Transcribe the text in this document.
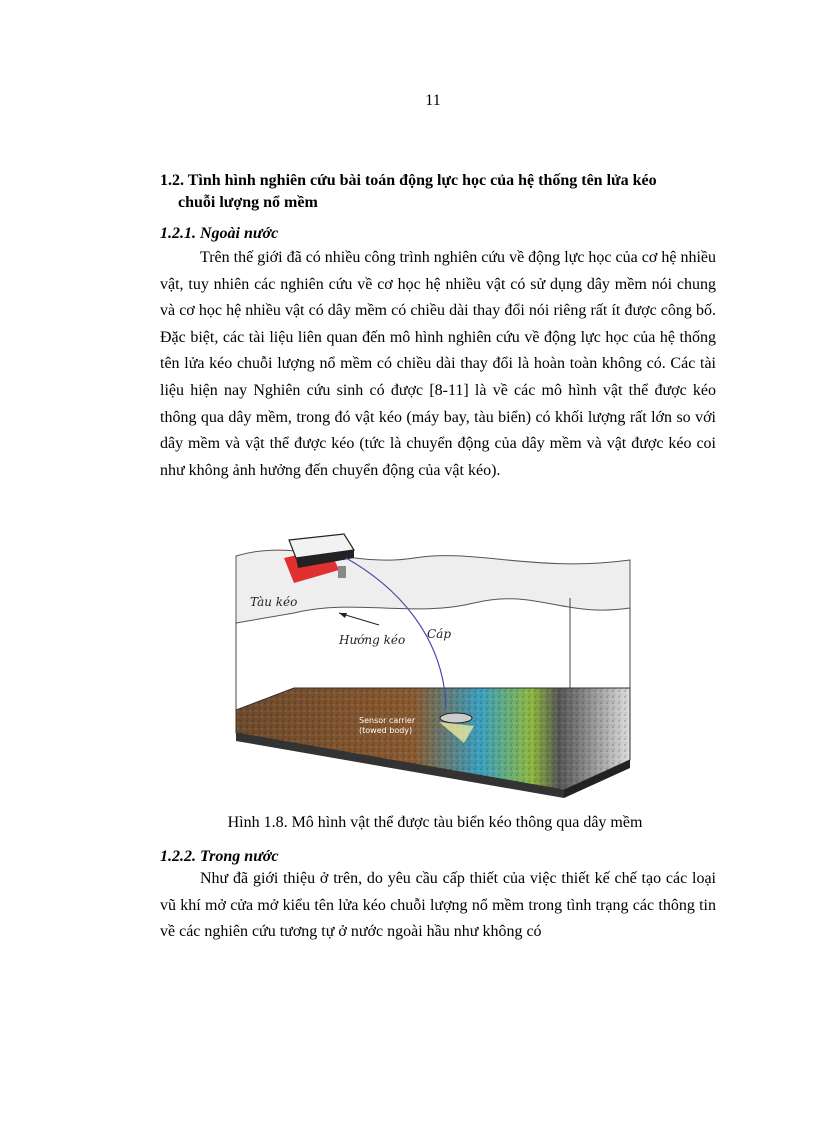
11
1.2. Tình hình nghiên cứu bài toán động lực học của hệ thống tên lửa kéo
chuỗi lượng nổ mềm
1.2.1. Ngoài nước
Trên thế giới đã có nhiều công trình nghiên cứu về động lực học của cơ hệ nhiều vật, tuy nhiên các nghiên cứu về cơ học hệ nhiều vật có sử dụng dây mềm nói chung và cơ học hệ nhiều vật có dây mềm có chiều dài thay đổi nói riêng rất ít được công bố. Đặc biệt, các tài liệu liên quan đến mô hình nghiên cứu về động lực học của hệ thống tên lửa kéo chuỗi lượng nổ mềm có chiều dài thay đổi là hoàn toàn không có. Các tài liệu hiện nay Nghiên cứu sinh có được [8-11] là về các mô hình vật thể được kéo thông qua dây mềm, trong đó vật kéo (máy bay, tàu biển) có khối lượng rất lớn so với dây mềm và vật thể được kéo (tức là chuyển động của dây mềm và vật được kéo coi như không ảnh hưởng đến chuyển động của vật kéo).
Tàu kéo
Hướng kéo Cáp
Sensor carrier
(towed body)
Hình 1.8. Mô hình vật thể được tàu biển kéo thông qua dây mềm
1.2.2. Trong nước
Như đã giới thiệu ở trên, do yêu cầu cấp thiết của việc thiết kế chế tạo các loại vũ khí mở cửa mở kiểu tên lửa kéo chuỗi lượng nổ mềm trong tình trạng các thông tin về các nghiên cứu tương tự ở nước ngoài hầu như không có
